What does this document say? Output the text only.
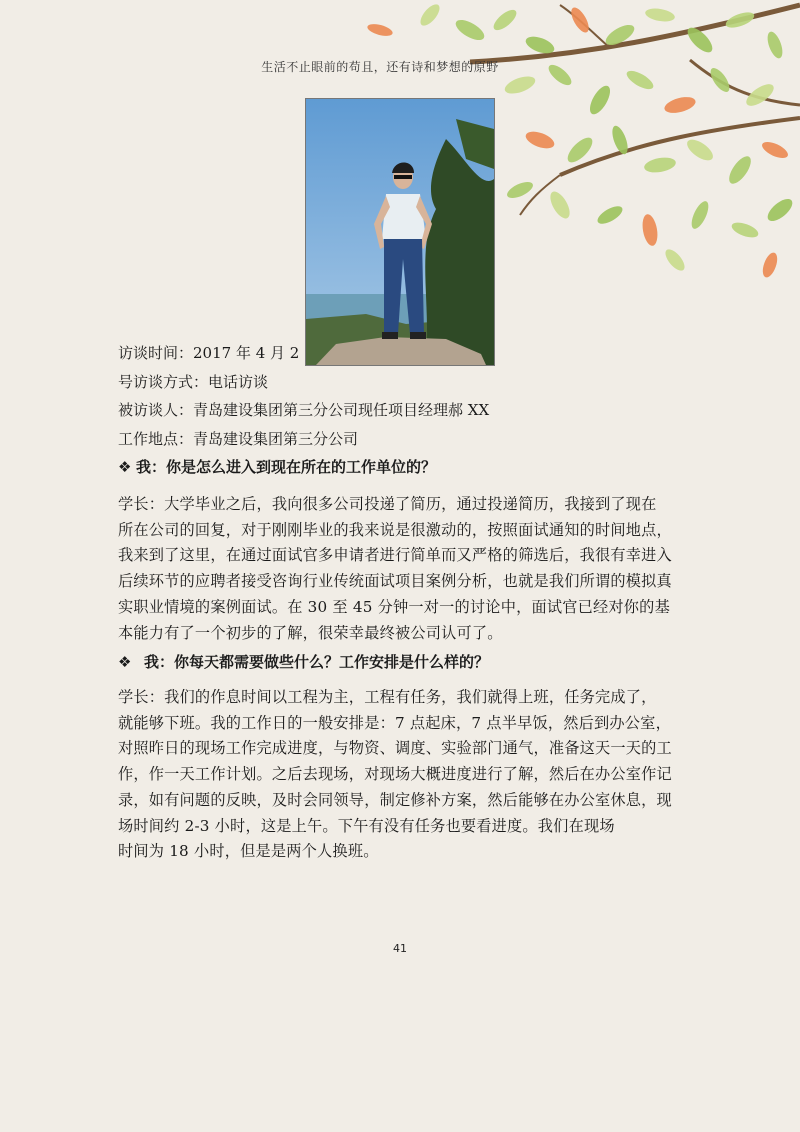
生活不止眼前的苟且，还有诗和梦想的原野
访谈时间：2017 年 4 月 2
号访谈方式：电话访谈
被访谈人：青岛建设集团第三分公司现任项目经理郝 XX
工作地点：青岛建设集团第三分公司
❖ 我：你是怎么进入到现在所在的工作单位的？
学长：大学毕业之后，我向很多公司投递了简历，通过投递简历，我接到了现在
所在公司的回复，对于刚刚毕业的我来说是很激动的，按照面试通知的时间地点，
我来到了这里，在通过面试官多申请者进行简单而又严格的筛选后，我很有幸进入
后续环节的应聘者接受咨询行业传统面试项目案例分析，也就是我们所谓的模拟真
实职业情境的案例面试。在 30 至 45 分钟一对一的讨论中，面试官已经对你的基
本能力有了一个初步的了解，很荣幸最终被公司认可了。
❖ 我：你每天都需要做些什么？工作安排是什么样的？
学长：我们的作息时间以工程为主，工程有任务，我们就得上班，任务完成了，
就能够下班。我的工作日的一般安排是：7 点起床，7 点半早饭，然后到办公室，
对照昨日的现场工作完成进度，与物资、调度、实验部门通气，准备这天一天的工
作，作一天工作计划。之后去现场，对现场大概进度进行了解，然后在办公室作记
录，如有问题的反映，及时会同领导，制定修补方案，然后能够在办公室休息，现
场时间约 2-3 小时，这是上午。下午有没有任务也要看进度。我们在现场
时间为 18 小时，但是是两个人换班。
41
